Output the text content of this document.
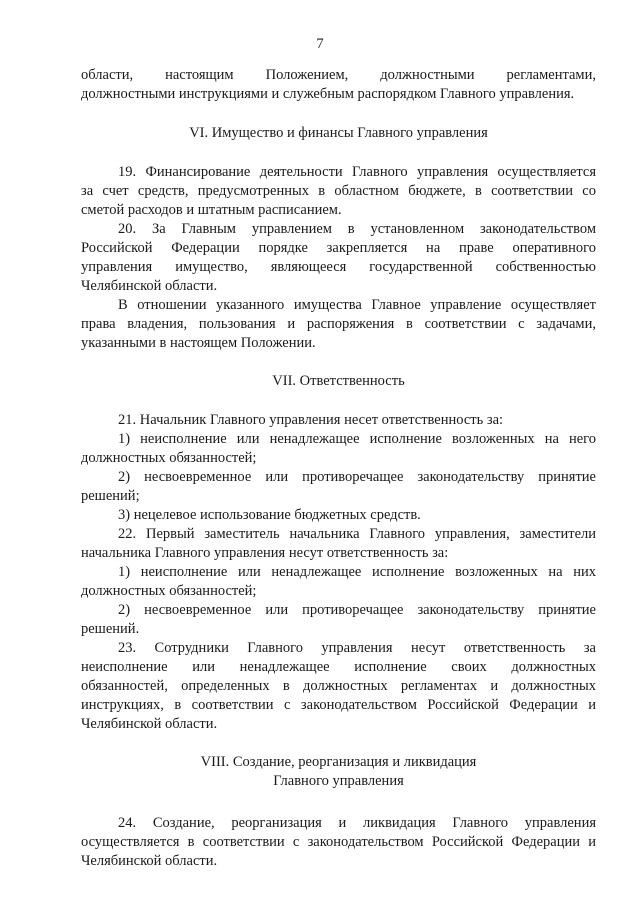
7
области, настоящим Положением, должностными регламентами,
должностными инструкциями и служебным распорядком Главного управления.
VI. Имущество и финансы Главного управления
19. Финансирование деятельности Главного управления осуществляется
за счет средств, предусмотренных в областном бюджете, в соответствии со
сметой расходов и штатным расписанием.
20. За Главным управлением в установленном законодательством
Российской Федерации порядке закрепляется на праве оперативного
управления имущество, являющееся государственной собственностью
Челябинской области.
В отношении указанного имущества Главное управление осуществляет
права владения, пользования и распоряжения в соответствии с задачами,
указанными в настоящем Положении.
VII. Ответственность
21. Начальник Главного управления несет ответственность за:
1) неисполнение или ненадлежащее исполнение возложенных на него
должностных обязанностей;
2) несвоевременное или противоречащее законодательству принятие
решений;
3) нецелевое использование бюджетных средств.
22. Первый заместитель начальника Главного управления, заместители
начальника Главного управления несут ответственность за:
1) неисполнение или ненадлежащее исполнение возложенных на них
должностных обязанностей;
2) несвоевременное или противоречащее законодательству принятие
решений.
23. Сотрудники Главного управления несут ответственность за
неисполнение или ненадлежащее исполнение своих должностных
обязанностей, определенных в должностных регламентах и должностных
инструкциях, в соответствии с законодательством Российской Федерации и
Челябинской области.
VIII. Создание, реорганизация и ликвидация
Главного управления
24. Создание, реорганизация и ликвидация Главного управления
осуществляется в соответствии с законодательством Российской Федерации и
Челябинской области.
